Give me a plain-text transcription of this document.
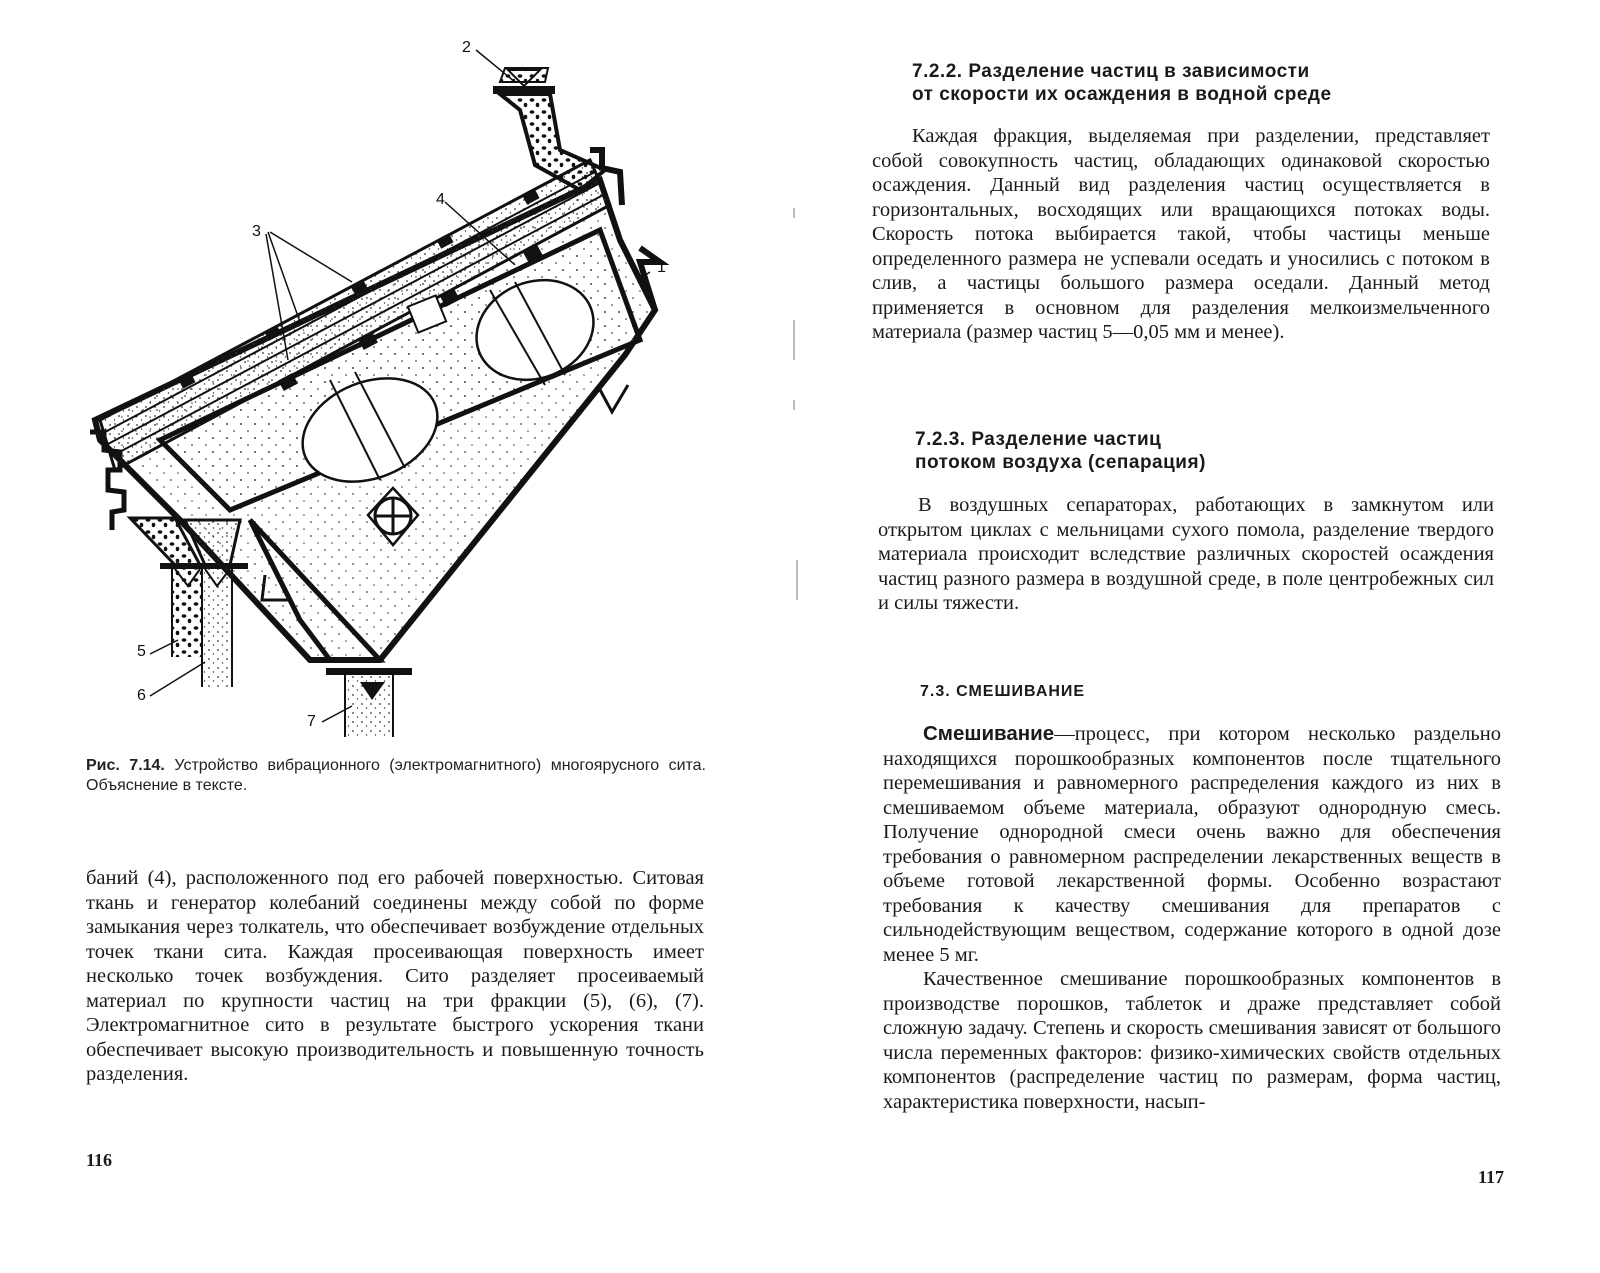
1
2
3
4
5
6
7
Рис. 7.14. Устройство вибрационного (электромагнитного) многоярусного сита. Объяснение в тексте.

баний (4), расположенного под его рабочей поверхностью. Ситовая ткань и генератор колебаний соединены между собой по форме замыкания через толкатель, что обеспечивает возбуждение отдельных точек ткани сита. Каждая просеивающая поверхность имеет несколько точек возбуждения. Сито разделяет просеиваемый материал по крупности частиц на три фракции (5), (6), (7). Электромагнитное сито в результате быстрого ускорения ткани обеспечивает высокую производительность и повышенную точность разделения.

116
7.2.2. Разделение частиц в зависимости
от скорости их осаждения в водной среде

Каждая фракция, выделяемая при разделении, представляет собой совокупность частиц, обладающих одинаковой скоростью осаждения. Данный вид разделения частиц осуществляется в горизонтальных, восходящих или вращающихся потоках воды. Скорость потока выбирается такой, чтобы частицы меньше определенного размера не успевали оседать и уносились с потоком в слив, а частицы большого размера оседали. Данный метод применяется в основном для разделения мелкоизмельченного материала (размер частиц 5—0,05 мм и менее).

7.2.3. Разделение частиц
потоком воздуха (сепарация)

В воздушных сепараторах, работающих в замкнутом или открытом циклах с мельницами сухого помола, разделение твердого материала происходит вследствие различных скоростей осаждения частиц разного размера в воздушной среде, в поле центробежных сил и силы тяжести.

7.3. СМЕШИВАНИЕ

Смешивание—процесс, при котором несколько раздельно находящихся порошкообразных компонентов после тщательного перемешивания и равномерного распределения каждого из них в смешиваемом объеме материала, образуют однородную смесь. Получение однородной смеси очень важно для обеспечения требования о равномерном распределении лекарственных веществ в объеме готовой лекарственной формы. Особенно возрастают требования к качеству смешивания для препаратов с сильнодействующим веществом, содержание которого в одной дозе менее 5 мг.

Качественное смешивание порошкообразных компонентов в производстве порошков, таблеток и драже представляет собой сложную задачу. Степень и скорость смешивания зависят от большого числа переменных факторов: физико-химических свойств отдельных компонентов (распределение частиц по размерам, форма частиц, характеристика поверхности, насып-

117
